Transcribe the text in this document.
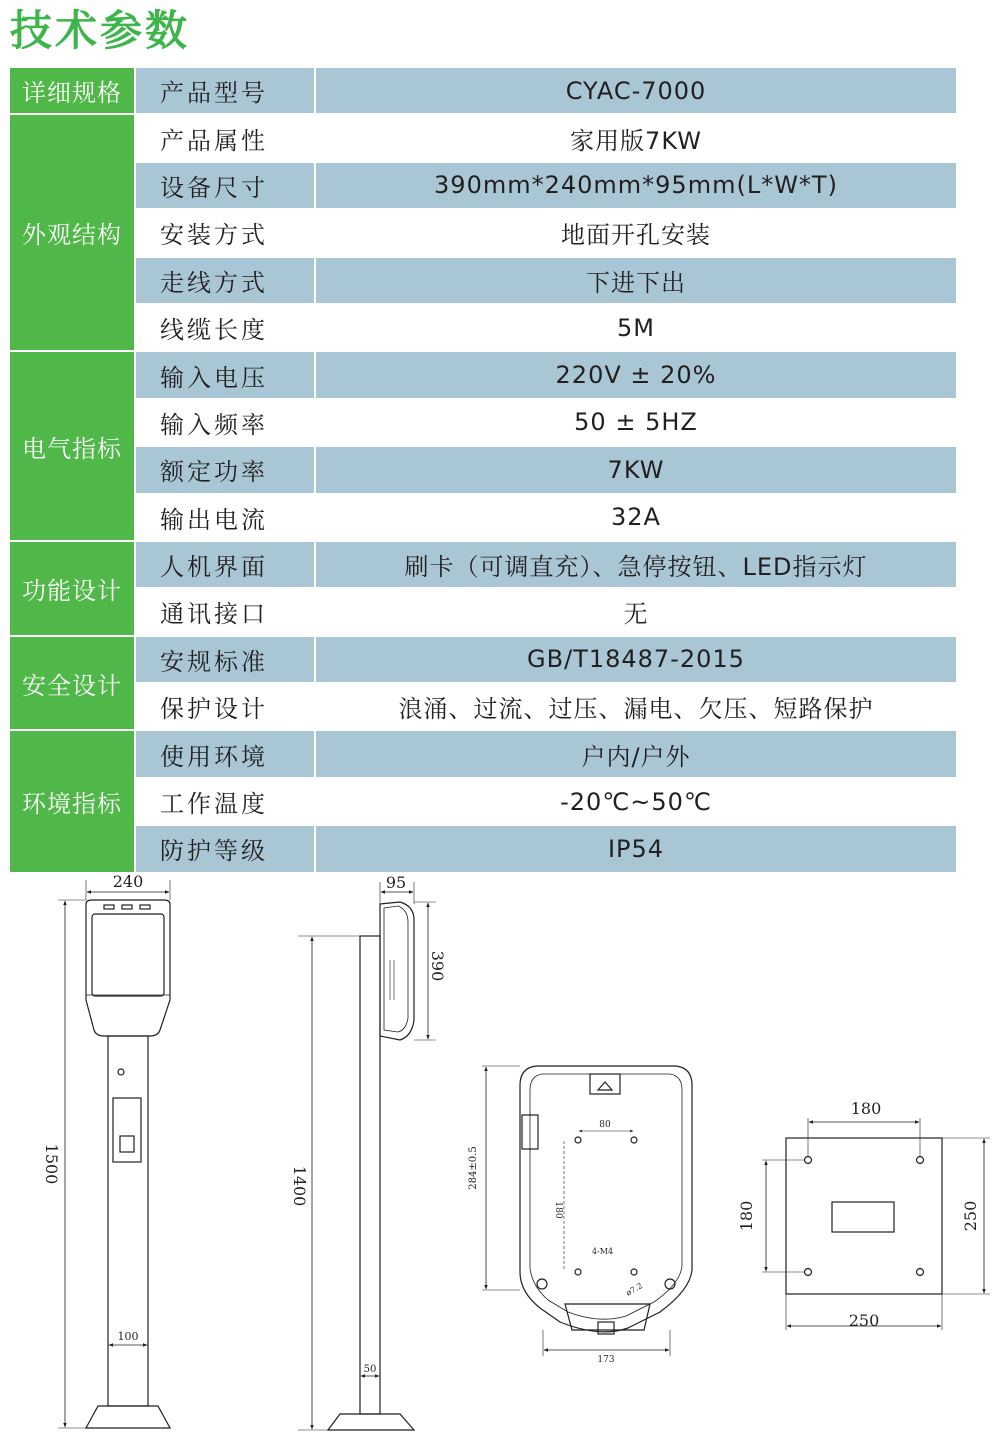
技术参数
详细规格	产品型号	CYAC-7000
外观结构	产品属性	家用版7KW
	设备尺寸	390mm*240mm*95mm(L*W*T)
	安装方式	地面开孔安装
	走线方式	下进下出
	线缆长度	5M
电气指标	输入电压	220V ± 20%
	输入频率	50 ± 5HZ
	额定功率	7KW
	输出电流	32A
功能设计	人机界面	刷卡（可调直充）、急停按钮、LED指示灯
	通讯接口	无
安全设计	安规标准	GB/T18487-2015
	保护设计	浪涌、过流、过压、漏电、欠压、短路保护
环境指标	使用环境	户内/户外
	工作温度	-20℃~50℃
	防护等级	IP54
240
1500
100
95
390
1400
50
80
180
284±0.5
4-M4
ø7.2
173
180
180	250
250
